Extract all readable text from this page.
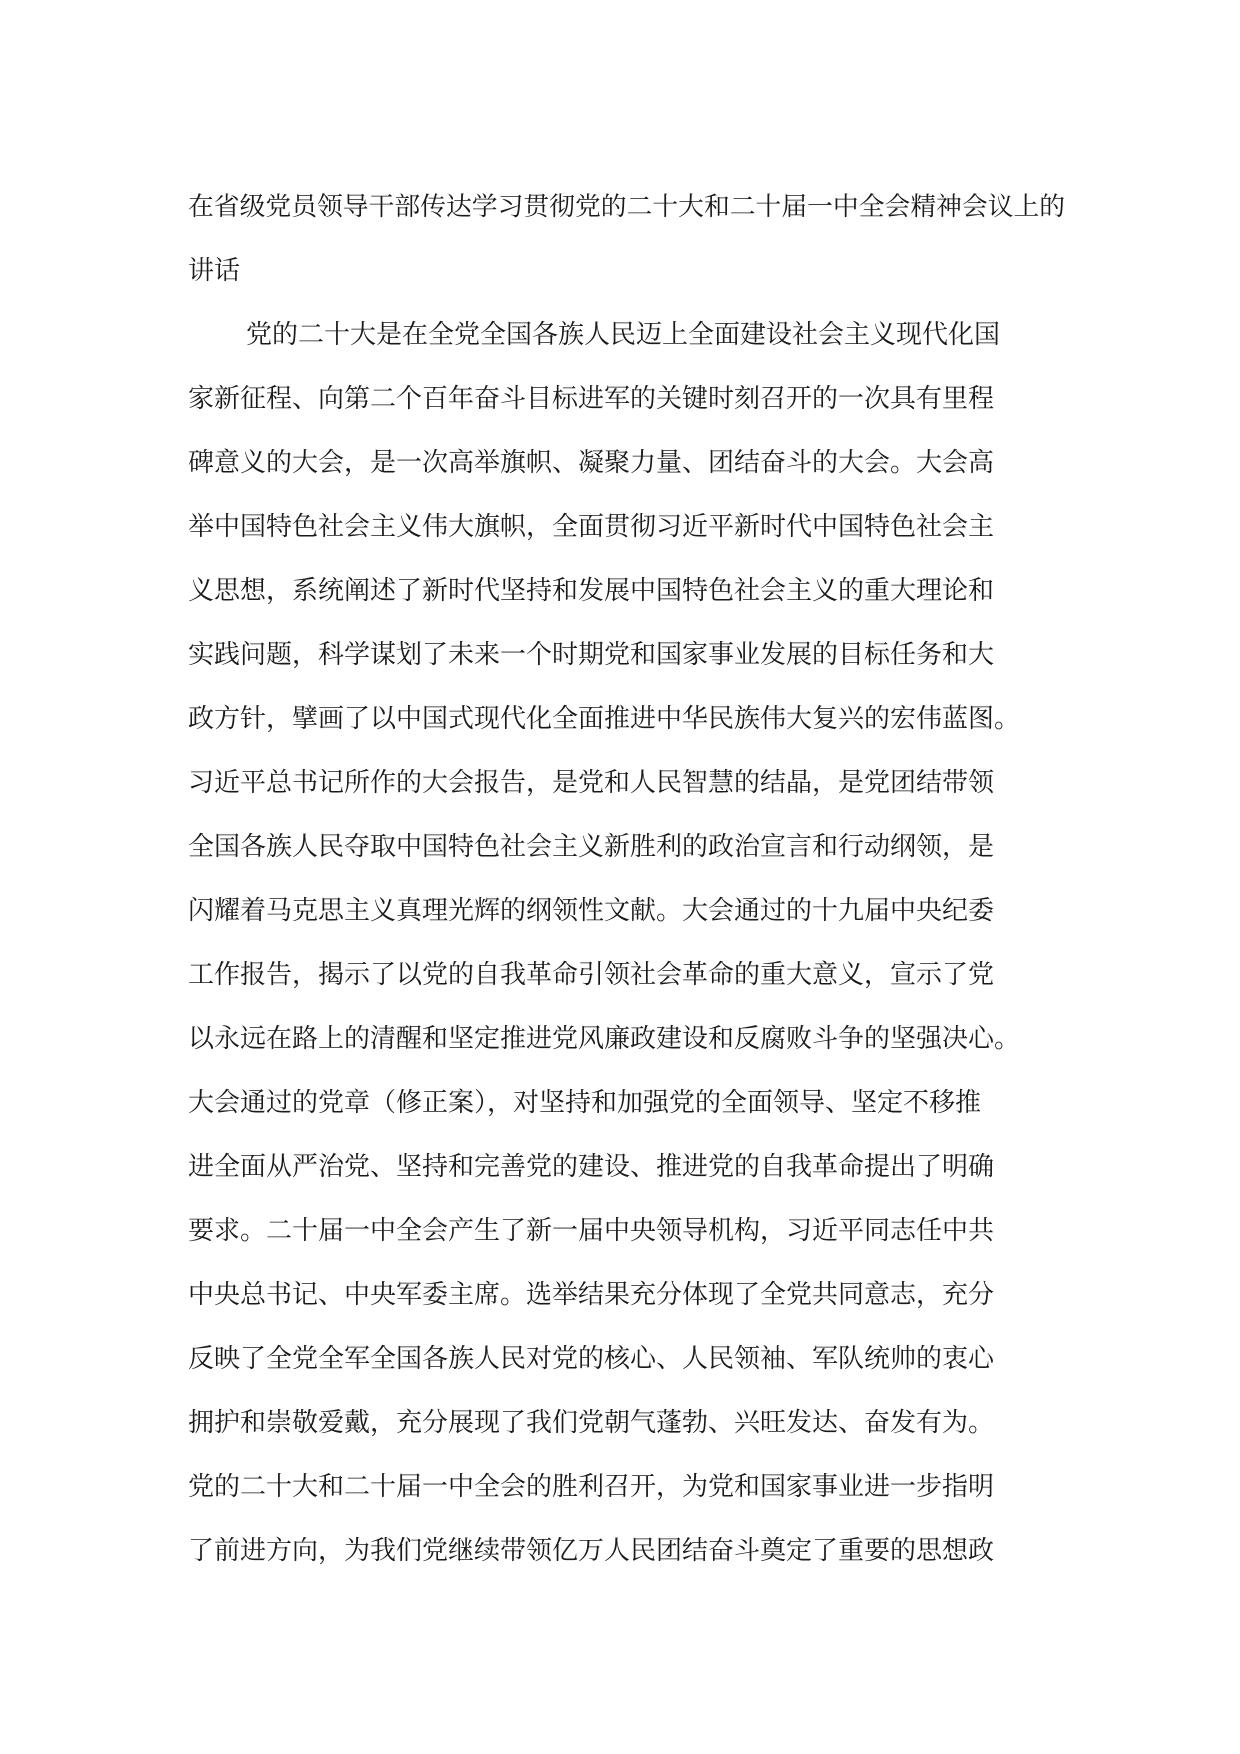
在省级党员领导干部传达学习贯彻党的二十大和二十届一中全会精神会议上的
讲话
党的二十大是在全党全国各族人民迈上全面建设社会主义现代化国
家新征程、向第二个百年奋斗目标进军的关键时刻召开的一次具有里程
碑意义的大会，是一次高举旗帜、凝聚力量、团结奋斗的大会。大会高
举中国特色社会主义伟大旗帜，全面贯彻习近平新时代中国特色社会主
义思想，系统阐述了新时代坚持和发展中国特色社会主义的重大理论和
实践问题，科学谋划了未来一个时期党和国家事业发展的目标任务和大
政方针，擘画了以中国式现代化全面推进中华民族伟大复兴的宏伟蓝图。
习近平总书记所作的大会报告，是党和人民智慧的结晶，是党团结带领
全国各族人民夺取中国特色社会主义新胜利的政治宣言和行动纲领，是
闪耀着马克思主义真理光辉的纲领性文献。大会通过的十九届中央纪委
工作报告，揭示了以党的自我革命引领社会革命的重大意义，宣示了党
以永远在路上的清醒和坚定推进党风廉政建设和反腐败斗争的坚强决心。
大会通过的党章（修正案），对坚持和加强党的全面领导、坚定不移推
进全面从严治党、坚持和完善党的建设、推进党的自我革命提出了明确
要求。二十届一中全会产生了新一届中央领导机构，习近平同志任中共
中央总书记、中央军委主席。选举结果充分体现了全党共同意志，充分
反映了全党全军全国各族人民对党的核心、人民领袖、军队统帅的衷心
拥护和崇敬爱戴，充分展现了我们党朝气蓬勃、兴旺发达、奋发有为。
党的二十大和二十届一中全会的胜利召开，为党和国家事业进一步指明
了前进方向，为我们党继续带领亿万人民团结奋斗奠定了重要的思想政
